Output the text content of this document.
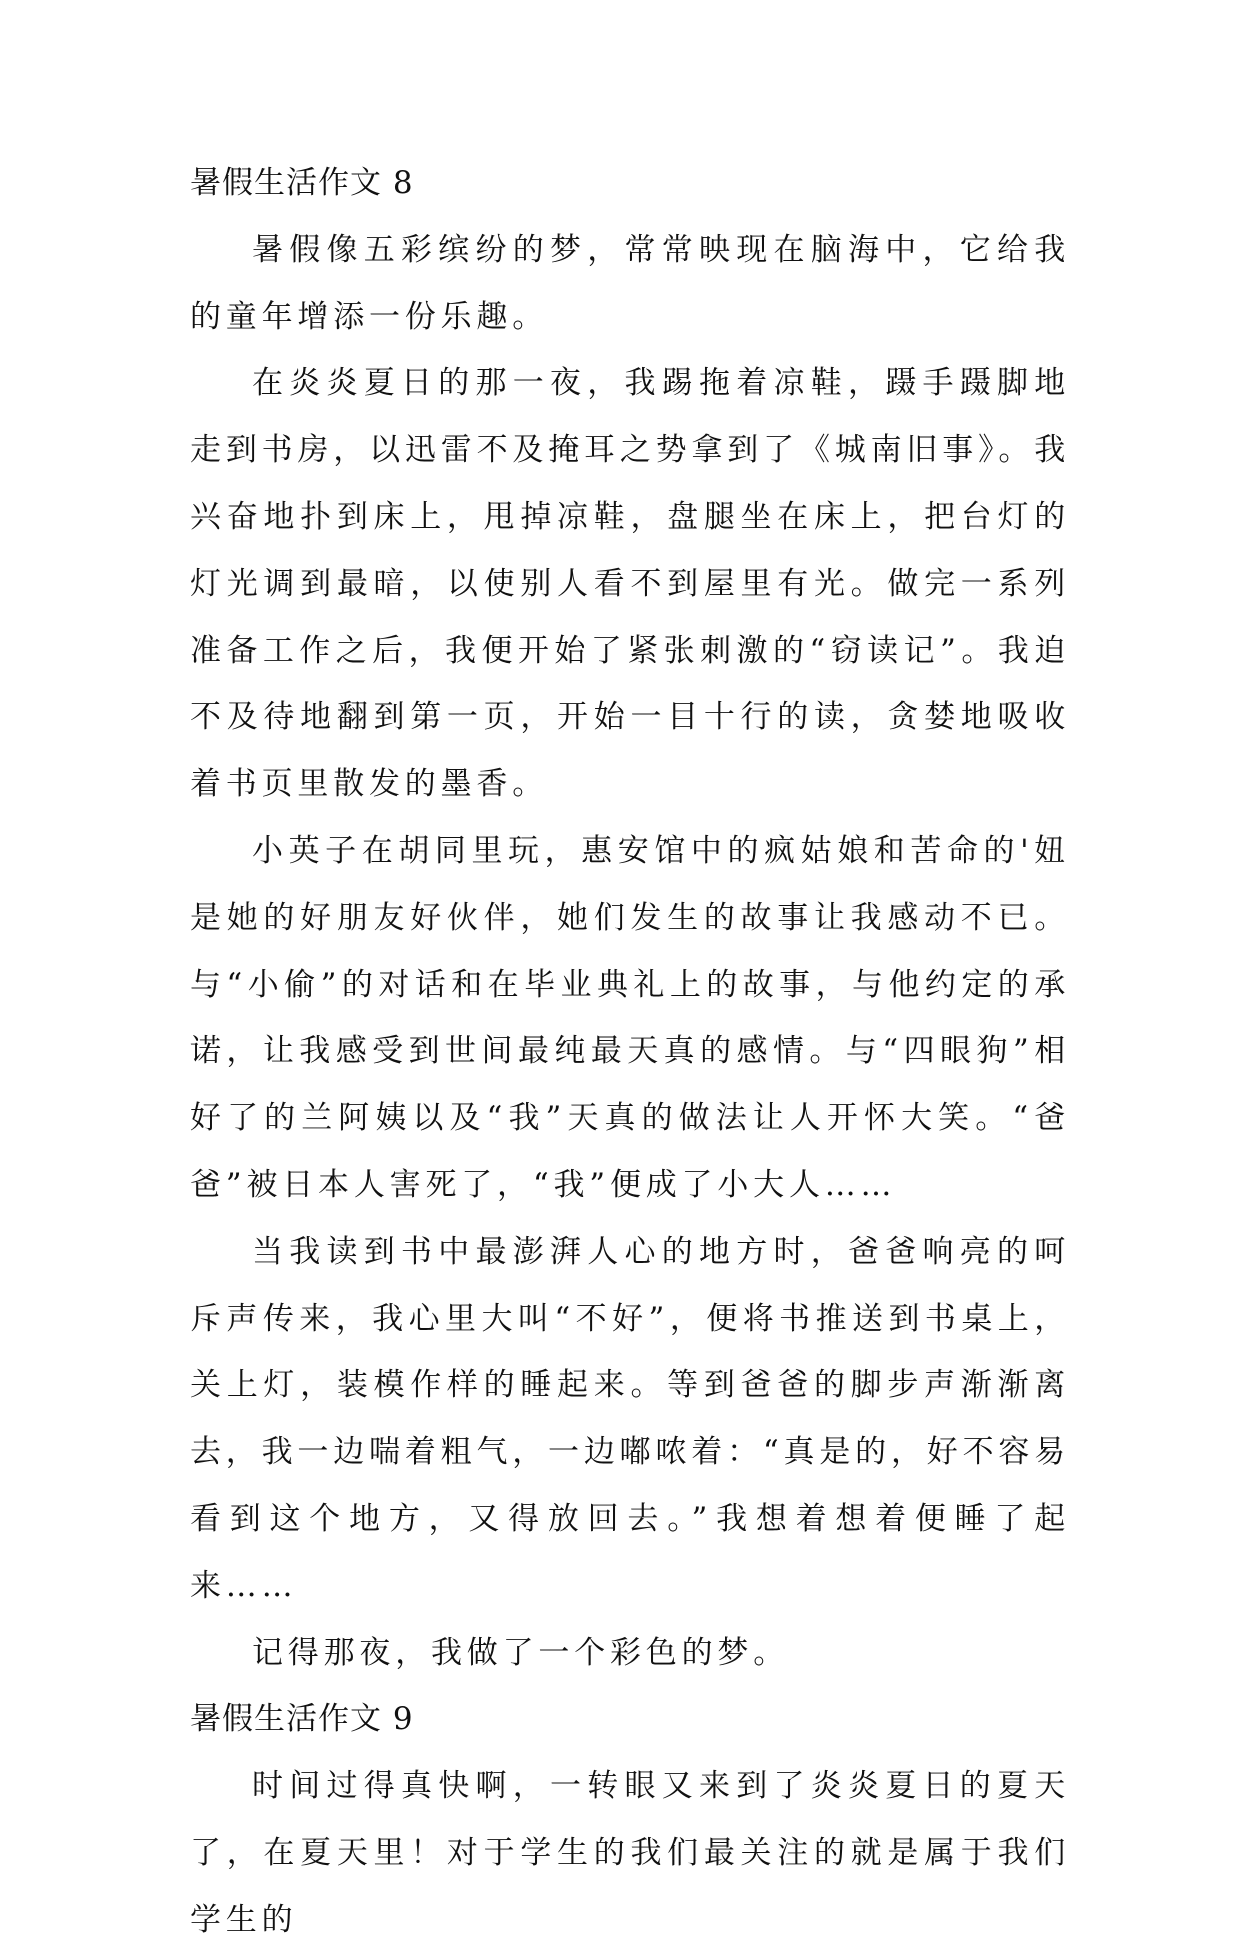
暑假生活作文 8

暑假像五彩缤纷的梦，常常映现在脑海中，它给我的童年增添一份乐趣。

在炎炎夏日的那一夜，我踢拖着凉鞋，蹑手蹑脚地走到书房，以迅雷不及掩耳之势拿到了《城南旧事》。我兴奋地扑到床上，甩掉凉鞋，盘腿坐在床上，把台灯的灯光调到最暗，以使别人看不到屋里有光。做完一系列准备工作之后，我便开始了紧张刺激的“窃读记”。我迫不及待地翻到第一页，开始一目十行的读，贪婪地吸收着书页里散发的墨香。

小英子在胡同里玩，惠安馆中的疯姑娘和苦命的'妞是她的好朋友好伙伴，她们发生的故事让我感动不已。与“小偷”的对话和在毕业典礼上的故事，与他约定的承诺，让我感受到世间最纯最天真的感情。与“四眼狗”相好了的兰阿姨以及“我”天真的做法让人开怀大笑。“爸爸”被日本人害死了，“我”便成了小大人……

当我读到书中最澎湃人心的地方时，爸爸响亮的呵斥声传来，我心里大叫“不好”，便将书推送到书桌上，关上灯，装模作样的睡起来。等到爸爸的脚步声渐渐离去，我一边喘着粗气，一边嘟哝着：“真是的，好不容易看到这个地方，又得放回去。”我想着想着便睡了起来……

记得那夜，我做了一个彩色的梦。

暑假生活作文 9

时间过得真快啊，一转眼又来到了炎炎夏日的夏天了，在夏天里！对于学生的我们最关注的就是属于我们学生的
